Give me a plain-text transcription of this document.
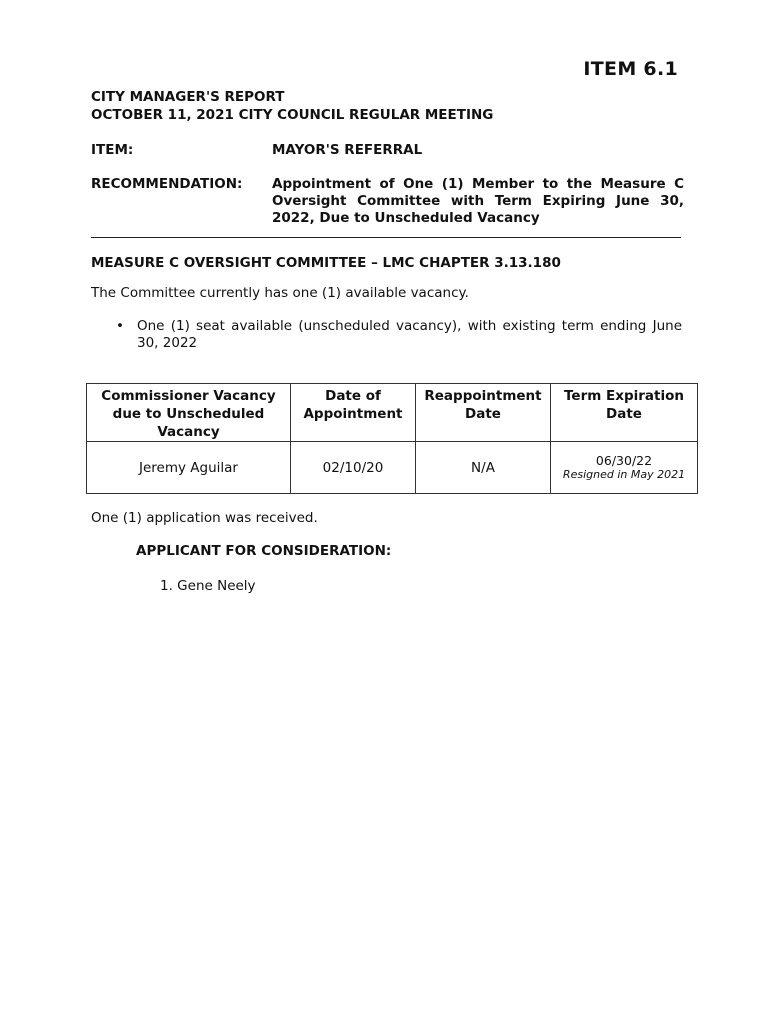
ITEM 6.1
CITY MANAGER'S REPORT
OCTOBER 11, 2021 CITY COUNCIL REGULAR MEETING
ITEM:	MAYOR'S REFERRAL
RECOMMENDATION: Appointment of One (1) Member to the Measure C Oversight Committee with Term Expiring June 30, 2022, Due to Unscheduled Vacancy
MEASURE C OVERSIGHT COMMITTEE – LMC CHAPTER 3.13.180
The Committee currently has one (1) available vacancy.
• One (1) seat available (unscheduled vacancy), with existing term ending June 30, 2022
Commissioner Vacancy due to Unscheduled Vacancy	Date of Appointment	Reappointment Date	Term Expiration Date
Jeremy Aguilar	02/10/20	N/A	06/30/22
Resigned in May 2021
One (1) application was received.
APPLICANT FOR CONSIDERATION:
1. Gene Neely
